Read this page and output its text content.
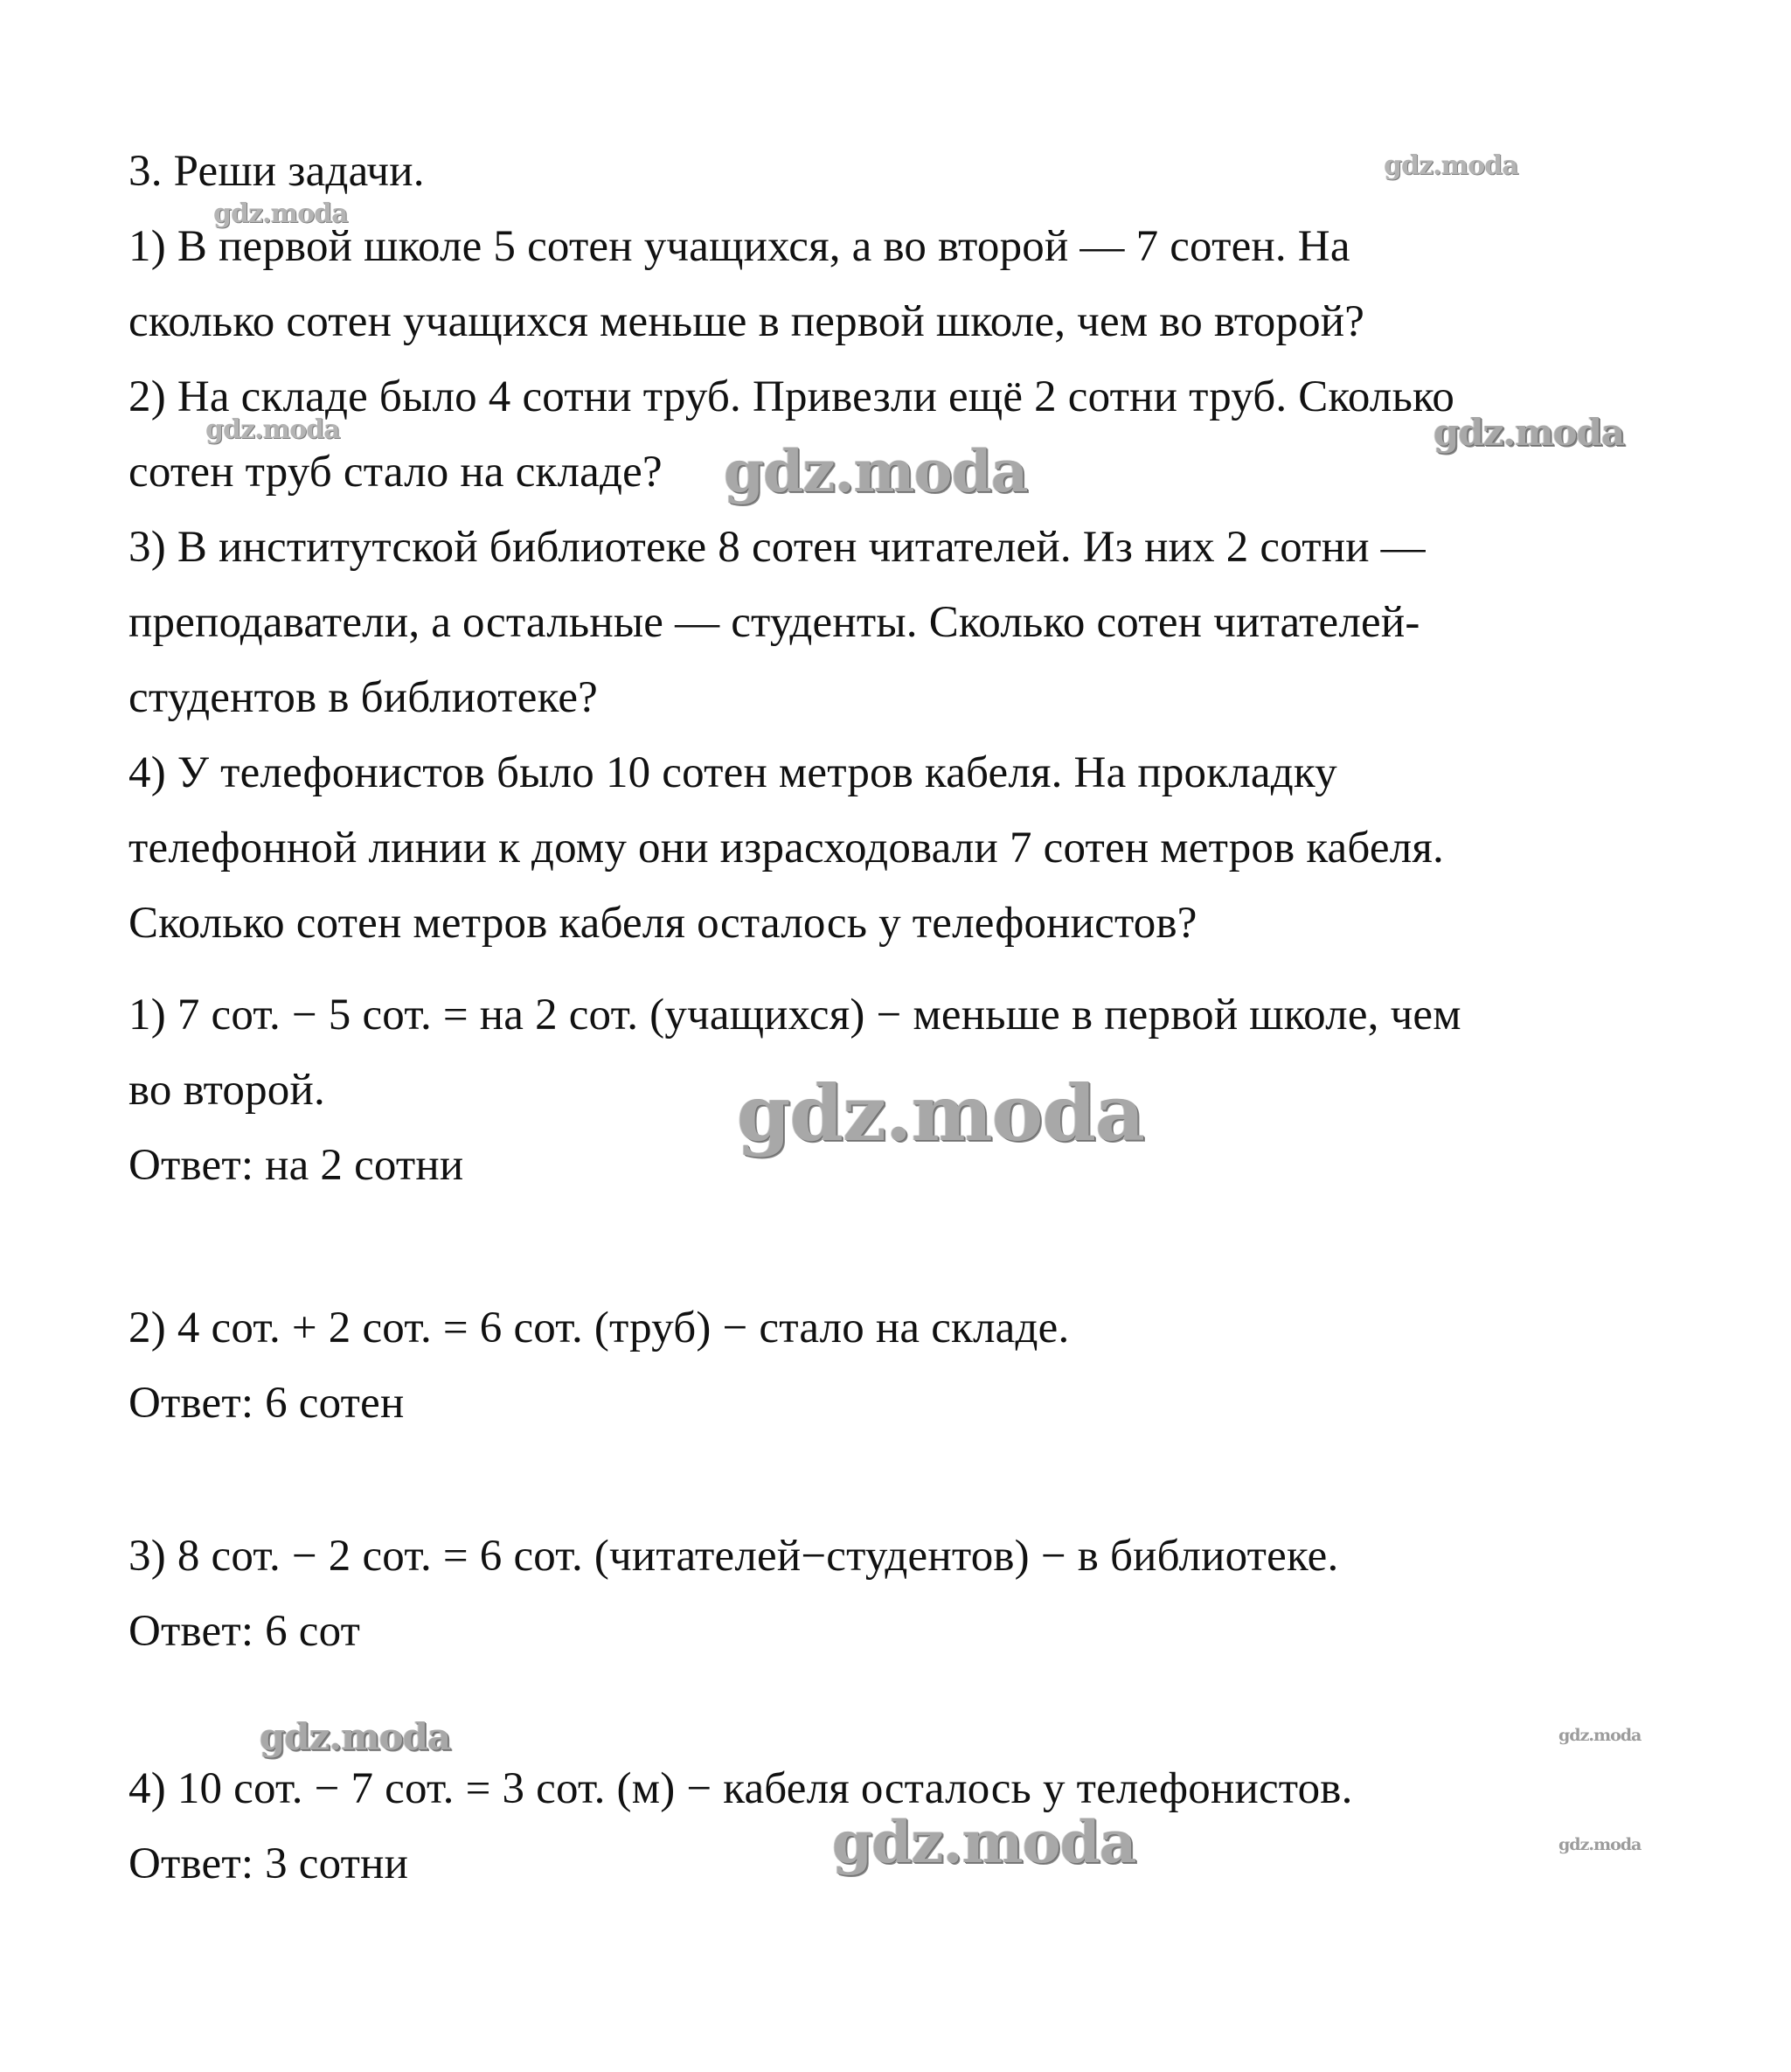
3. Реши задачи.
1) В первой школе 5 сотен учащихся, а во второй — 7 сотен. На
сколько сотен учащихся меньше в первой школе, чем во второй?
2) На складе было 4 сотни труб. Привезли ещё 2 сотни труб. Сколько
сотен труб стало на складе?
3) В институтской библиотеке 8 сотен читателей. Из них 2 сотни —
преподаватели, а остальные — студенты. Сколько сотен читателей-
студентов в библиотеке?
4) У телефонистов было 10 сотен метров кабеля. На прокладку
телефонной линии к дому они израсходовали 7 сотен метров кабеля.
Сколько сотен метров кабеля осталось у телефонистов?
1) 7 сот. − 5 сот. = на 2 сот. (учащихся) − меньше в первой школе, чем
во второй.
Ответ: на 2 сотни
2) 4 сот. + 2 сот. = 6 сот. (труб) − стало на складе.
Ответ: 6 сотен
3) 8 сот. − 2 сот. = 6 сот. (читателей−студентов) − в библиотеке.
Ответ: 6 сот
4) 10 сот. − 7 сот. = 3 сот. (м) − кабеля осталось у телефонистов.
Ответ: 3 сотни
gdz.moda
gdz.moda
gdz.moda	gdz.moda
gdz.moda
gdz.moda
gdz.moda	gdz.moda
gdz.moda	gdz.moda
